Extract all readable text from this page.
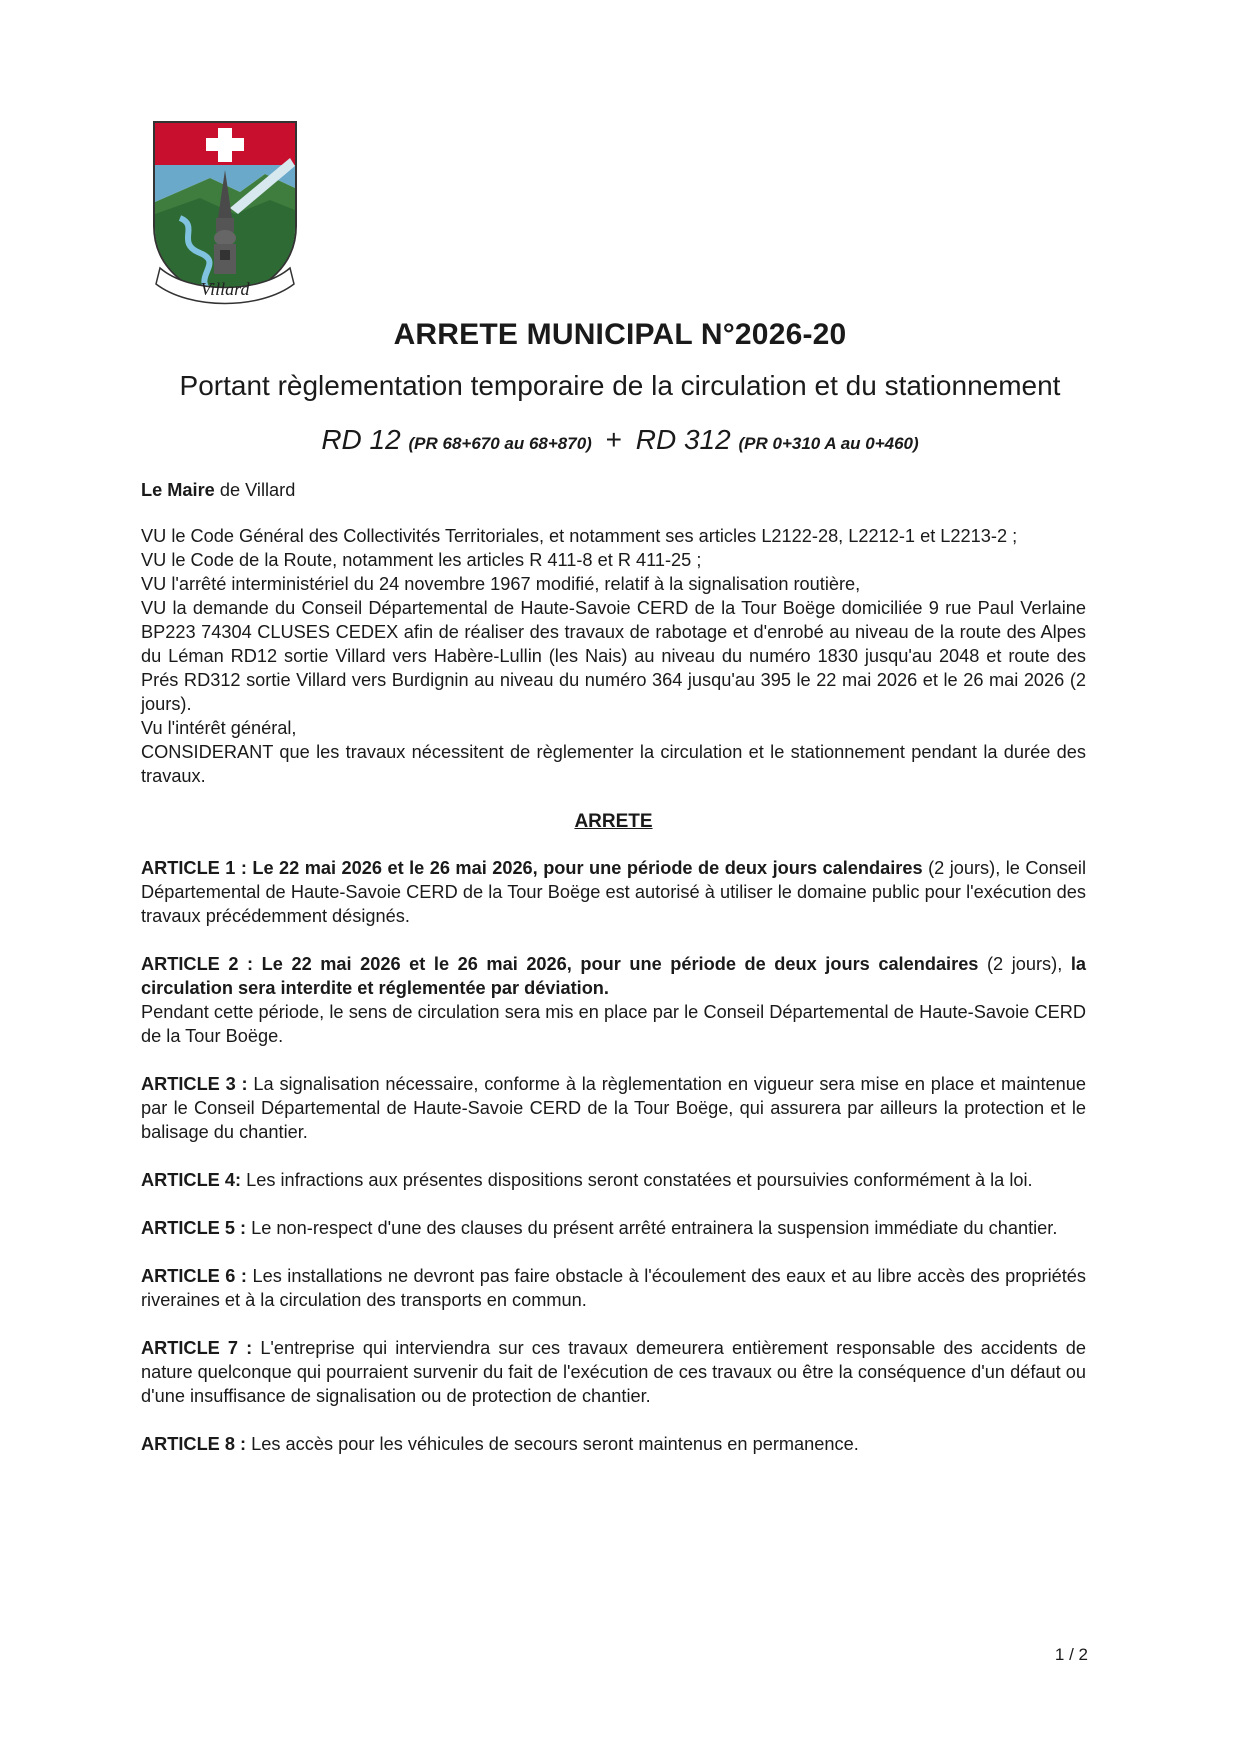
Villard
ARRETE MUNICIPAL N°2026-20
Portant règlementation temporaire de la circulation et du stationnement
RD 12 (PR 68+670 au 68+870) + RD 312 (PR 0+310 A au 0+460)

Le Maire de Villard

VU le Code Général des Collectivités Territoriales, et notamment ses articles L2122-28, L2212-1 et L2213-2 ;

VU le Code de la Route, notamment les articles R 411-8 et R 411-25 ;

VU l'arrêté interministériel du 24 novembre 1967 modifié, relatif à la signalisation routière,

VU la demande du Conseil Départemental de Haute-Savoie CERD de la Tour Boëge domiciliée 9 rue Paul Verlaine BP223 74304 CLUSES CEDEX afin de réaliser des travaux de rabotage et d'enrobé au niveau de la route des Alpes du Léman RD12 sortie Villard vers Habère-Lullin (les Nais) au niveau du numéro 1830 jusqu'au 2048 et route des Prés RD312 sortie Villard vers Burdignin au niveau du numéro 364 jusqu'au 395 le 22 mai 2026 et le 26 mai 2026 (2 jours).

Vu l'intérêt général,

CONSIDERANT que les travaux nécessitent de règlementer la circulation et le stationnement pendant la durée des travaux.

ARRETE

ARTICLE 1 : Le 22 mai 2026 et le 26 mai 2026, pour une période de deux jours calendaires (2 jours), le Conseil Départemental de Haute-Savoie CERD de la Tour Boëge est autorisé à utiliser le domaine public pour l'exécution des travaux précédemment désignés.

ARTICLE 2 : Le 22 mai 2026 et le 26 mai 2026, pour une période de deux jours calendaires (2 jours), la circulation sera interdite et réglementée par déviation.
Pendant cette période, le sens de circulation sera mis en place par le Conseil Départemental de Haute-Savoie CERD de la Tour Boëge.

ARTICLE 3 : La signalisation nécessaire, conforme à la règlementation en vigueur sera mise en place et maintenue par le Conseil Départemental de Haute-Savoie CERD de la Tour Boëge, qui assurera par ailleurs la protection et le balisage du chantier.

ARTICLE 4: Les infractions aux présentes dispositions seront constatées et poursuivies conformément à la loi.

ARTICLE 5 : Le non-respect d'une des clauses du présent arrêté entrainera la suspension immédiate du chantier.

ARTICLE 6 : Les installations ne devront pas faire obstacle à l'écoulement des eaux et au libre accès des propriétés riveraines et à la circulation des transports en commun.

ARTICLE 7 : L'entreprise qui interviendra sur ces travaux demeurera entièrement responsable des accidents de nature quelconque qui pourraient survenir du fait de l'exécution de ces travaux ou être la conséquence d'un défaut ou d'une insuffisance de signalisation ou de protection de chantier.

ARTICLE 8 : Les accès pour les véhicules de secours seront maintenus en permanence.

1 / 2
